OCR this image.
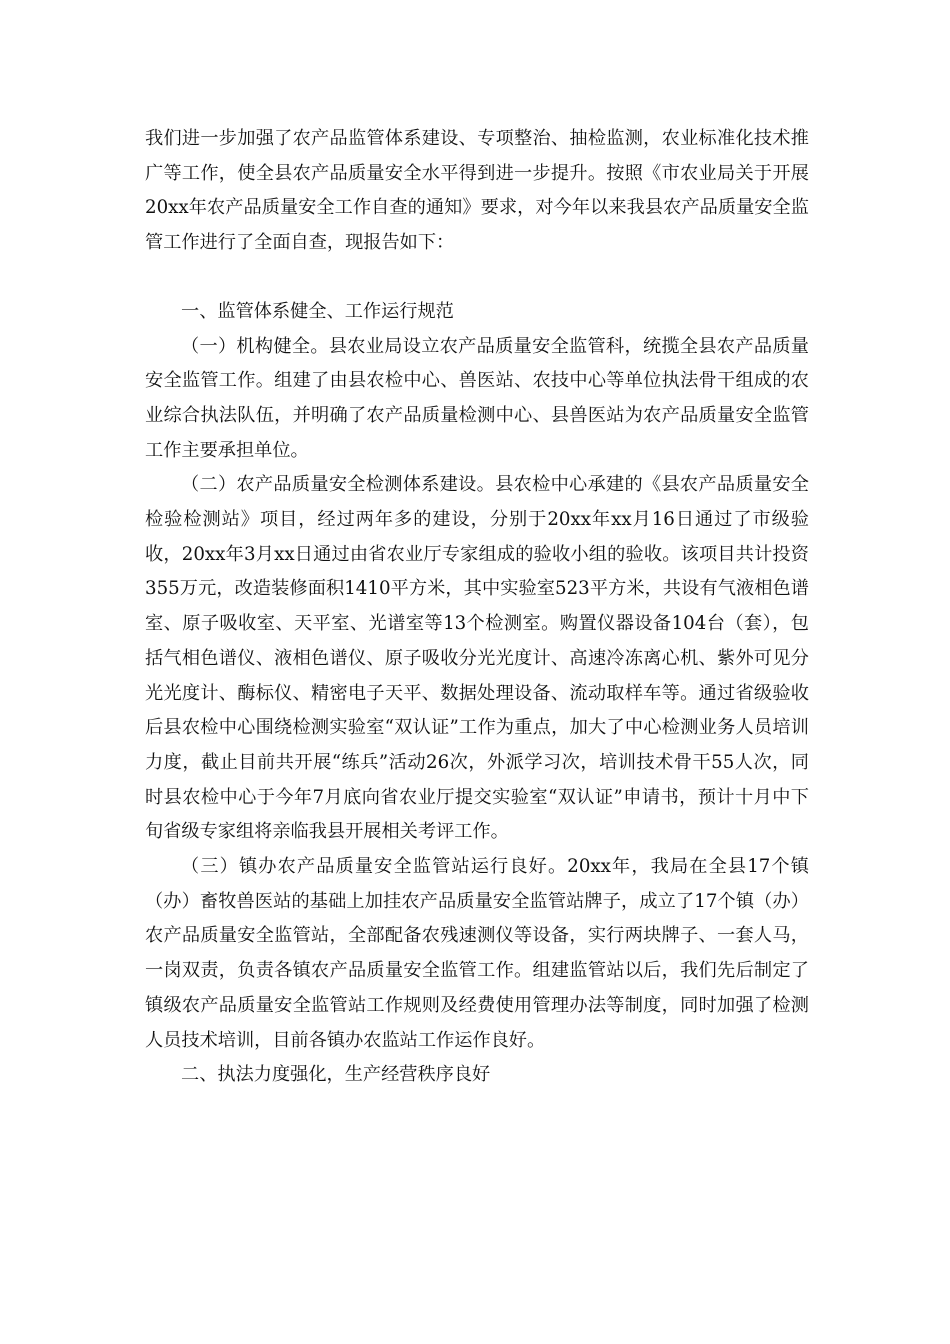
我们进一步加强了农产品监管体系建设、专项整治、抽检监测，农业标准化技术推广等工作，使全县农产品质量安全水平得到进一步提升。按照《市农业局关于开展20xx年农产品质量安全工作自查的通知》要求，对今年以来我县农产品质量安全监管工作进行了全面自查，现报告如下：

一、监管体系健全、工作运行规范

（一）机构健全。县农业局设立农产品质量安全监管科，统揽全县农产品质量安全监管工作。组建了由县农检中心、兽医站、农技中心等单位执法骨干组成的农业综合执法队伍，并明确了农产品质量检测中心、县兽医站为农产品质量安全监管工作主要承担单位。

（二）农产品质量安全检测体系建设。县农检中心承建的《县农产品质量安全检验检测站》项目，经过两年多的建设，分别于20xx年xx月16日通过了市级验收，20xx年3月xx日通过由省农业厅专家组成的验收小组的验收。该项目共计投资355万元，改造装修面积1410平方米，其中实验室523平方米，共设有气液相色谱室、原子吸收室、天平室、光谱室等13个检测室。购置仪器设备104台（套），包括气相色谱仪、液相色谱仪、原子吸收分光光度计、高速冷冻离心机、紫外可见分光光度计、酶标仪、精密电子天平、数据处理设备、流动取样车等。通过省级验收后县农检中心围绕检测实验室“双认证”工作为重点，加大了中心检测业务人员培训力度，截止目前共开展“练兵”活动26次，外派学习次，培训技术骨干55人次，同时县农检中心于今年7月底向省农业厅提交实验室“双认证”申请书，预计十月中下旬省级专家组将亲临我县开展相关考评工作。

（三）镇办农产品质量安全监管站运行良好。20xx年，我局在全县17个镇（办）畜牧兽医站的基础上加挂农产品质量安全监管站牌子，成立了17个镇（办）农产品质量安全监管站，全部配备农残速测仪等设备，实行两块牌子、一套人马，一岗双责，负责各镇农产品质量安全监管工作。组建监管站以后，我们先后制定了镇级农产品质量安全监管站工作规则及经费使用管理办法等制度，同时加强了检测人员技术培训，目前各镇办农监站工作运作良好。

二、执法力度强化，生产经营秩序良好
